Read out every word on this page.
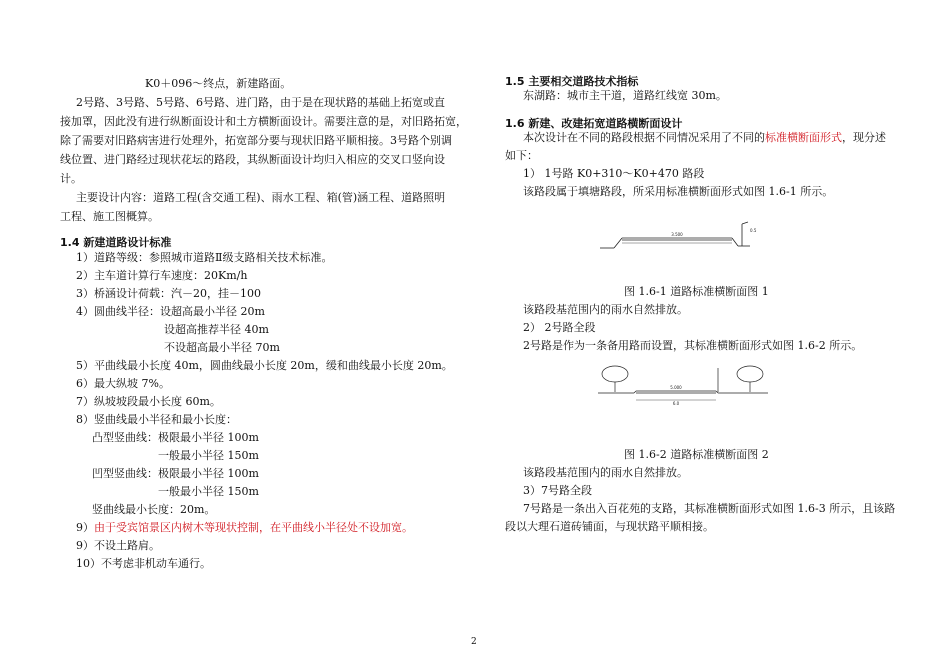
K0＋096～终点，新建路面。
2号路、3号路、5号路、6号路、进门路，由于是在现状路的基础上拓宽或直
接加罩，因此没有进行纵断面设计和土方横断面设计。需要注意的是，对旧路拓宽，
除了需要对旧路病害进行处理外，拓宽部分要与现状旧路平顺相接。3号路个别调
线位置、进门路经过现状花坛的路段，其纵断面设计均归入相应的交叉口竖向设
计。
主要设计内容：道路工程(含交通工程)、雨水工程、箱(管)涵工程、道路照明
工程、施工图概算。
1.4 新建道路设计标准
1）道路等级：参照城市道路Ⅱ级支路相关技术标准。
2）主车道计算行车速度：20Km/h
3）桥涵设计荷载：汽－20，挂－100
4）圆曲线半径：设超高最小半径 20m
设超高推荐半径 40m
不设超高最小半径 70m
5）平曲线最小长度 40m，圆曲线最小长度 20m，缓和曲线最小长度 20m。
6）最大纵坡 7%。
7）纵坡坡段最小长度 60m。
8）竖曲线最小半径和最小长度：
凸型竖曲线：极限最小半径 100m
一般最小半径 150m
凹型竖曲线：极限最小半径 100m
一般最小半径 150m
竖曲线最小长度：20m。
9）由于受宾馆景区内树木等现状控制，在平曲线小半径处不设加宽。
9）不设土路肩。
10）不考虑非机动车通行。
1.5 主要相交道路技术指标
东湖路：城市主干道，道路红线宽 30m。
1.6 新建、改建拓宽道路横断面设计
本次设计在不同的路段根据不同情况采用了不同的标准横断面形式，现分述
如下：
1） 1号路 K0+310～K0+470 路段
该路段属于填塘路段，所采用标准横断面形式如图 1.6-1 所示。
3.500
0.5
图 1.6-1 道路标准横断面图 1
该路段基范围内的雨水自然排放。
2） 2号路全段
2号路是作为一条备用路而设置，其标准横断面形式如图 1.6-2 所示。
5.000
6.0
图 1.6-2 道路标准横断面图 2
该路段基范围内的雨水自然排放。
3）7号路全段
7号路是一条出入百花苑的支路，其标准横断面形式如图 1.6-3 所示，且该路
段以大理石道砖铺面，与现状路平顺相接。
2
